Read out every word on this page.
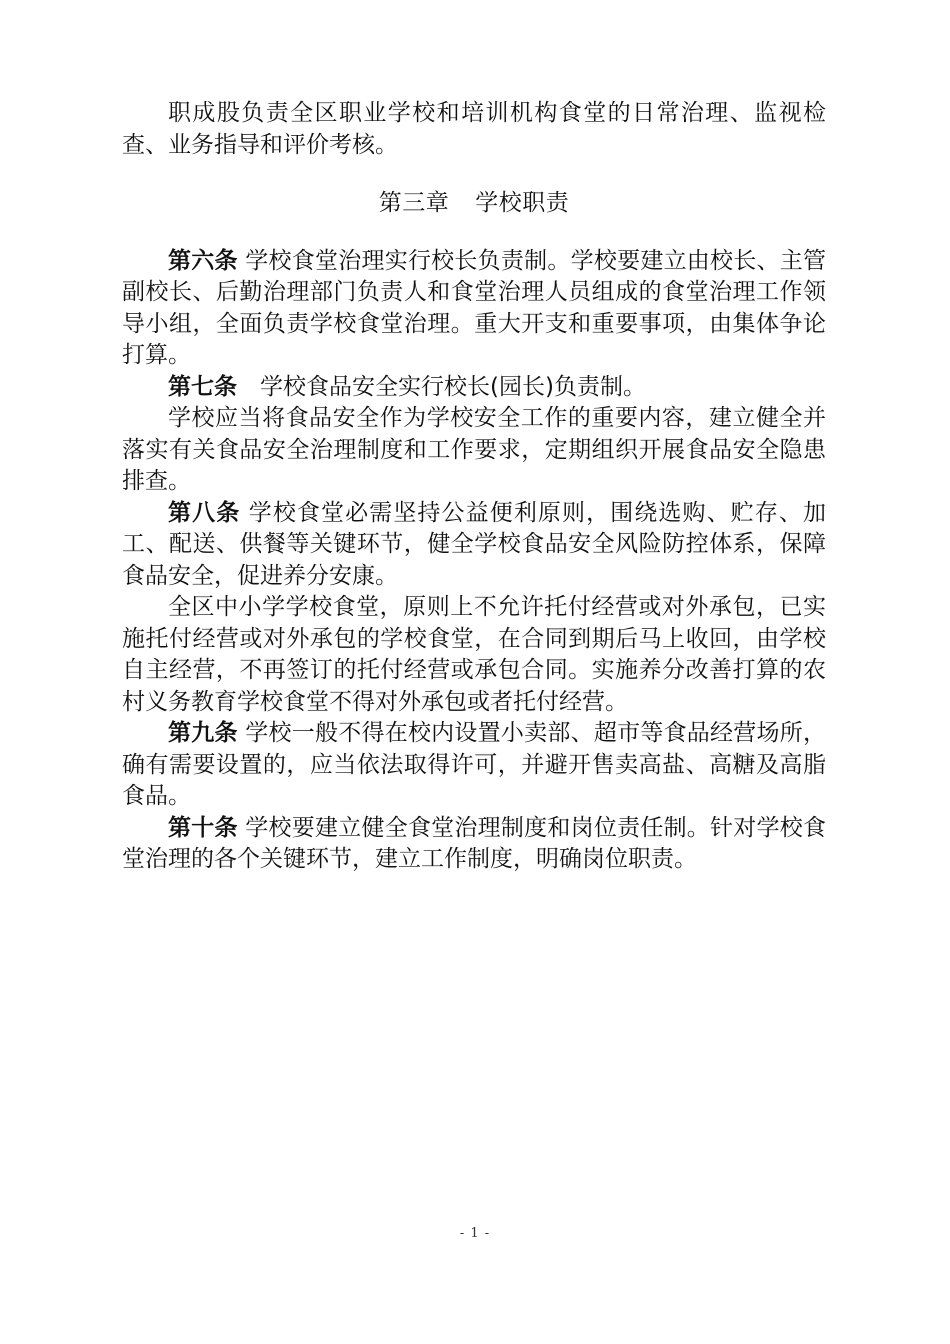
职成股负责全区职业学校和培训机构食堂的日常治理、监视检查、业务指导和评价考核。

第三章 学校职责

第六条 学校食堂治理实行校长负责制。学校要建立由校长、主管副校长、后勤治理部门负责人和食堂治理人员组成的食堂治理工作领导小组，全面负责学校食堂治理。重大开支和重要事项，由集体争论打算。

第七条　学校食品安全实行校长(园长)负责制。

学校应当将食品安全作为学校安全工作的重要内容，建立健全并落实有关食品安全治理制度和工作要求，定期组织开展食品安全隐患排查。

第八条 学校食堂必需坚持公益便利原则，围绕选购、贮存、加工、配送、供餐等关键环节，健全学校食品安全风险防控体系，保障食品安全，促进养分安康。

全区中小学学校食堂，原则上不允许托付经营或对外承包，已实施托付经营或对外承包的学校食堂，在合同到期后马上收回，由学校自主经营，不再签订的托付经营或承包合同。实施养分改善打算的农村义务教育学校食堂不得对外承包或者托付经营。

第九条 学校一般不得在校内设置小卖部、超市等食品经营场所，确有需要设置的，应当依法取得许可，并避开售卖高盐、高糖及高脂食品。

第十条 学校要建立健全食堂治理制度和岗位责任制。针对学校食堂治理的各个关键环节，建立工作制度，明确岗位职责。

- 1 -
